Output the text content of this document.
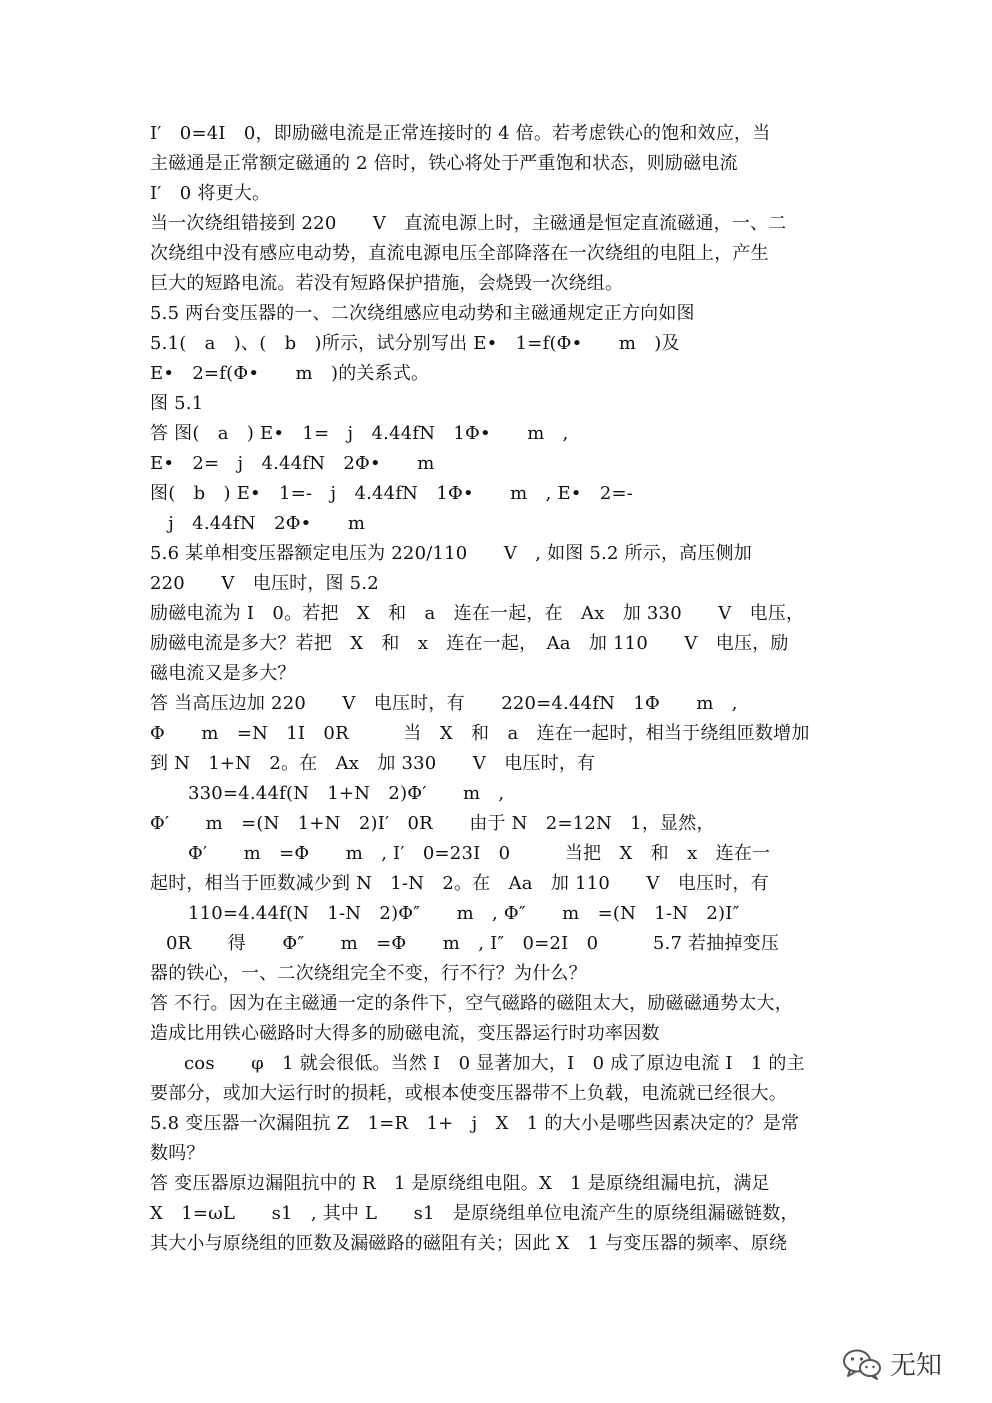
I′　0=4I　0，即励磁电流是正常连接时的 4 倍。若考虑铁心的饱和效应，当
主磁通是正常额定磁通的 2 倍时，铁心将处于严重饱和状态，则励磁电流
I′　0 将更大。
当一次绕组错接到 220　　V　直流电源上时，主磁通是恒定直流磁通，一、二
次绕组中没有感应电动势，直流电源电压全部降落在一次绕组的电阻上，产生
巨大的短路电流。若没有短路保护措施，会烧毁一次绕组。
5.5 两台变压器的一、二次绕组感应电动势和主磁通规定正方向如图
5.1(　a　)、(　b　)所示，试分别写出 E•　1=f(Φ•　　m　)及
E•　2=f(Φ•　　m　)的关系式。
图 5.1
答 图(　a　) E•　1=　j　4.44fN　1Φ•　　m　,
E•　2=　j　4.44fN　2Φ•　　m
图(　b　) E•　1=-　j　4.44fN　1Φ•　　m　, E•　2=-
　j　4.44fN　2Φ•　　m
5.6 某单相变压器额定电压为 220/110　　V　, 如图 5.2 所示，高压侧加
220　　V　电压时，图 5.2
励磁电流为 I　0。若把　X　和　a　连在一起，在　Ax　加 330　　V　电压，
励磁电流是多大？若把　X　和　x　连在一起，　Aa　加 110　　V　电压，励
磁电流又是多大？
答 当高压边加 220　　V　电压时，有　　220=4.44fN　1Φ　　m　,
Φ　　m　=N　1I　0R　　　当　X　和　a　连在一起时，相当于绕组匝数增加
到 N　1+N　2。在　Ax　加 330　　V　电压时，有
330=4.44f(N　1+N　2)Φ′　　m　,
Φ′　　m　=(N　1+N　2)I′　0R　　由于 N　2=12N　1，显然，
Φ′　　m　=Φ　　m　, I′　0=23I　0　　　当把　X　和　x　连在一
起时，相当于匝数减少到 N　1-N　2。在　Aa　加 110　　V　电压时，有
110=4.44f(N　1-N　2)Φ″　　m　, Φ″　　m　=(N　1-N　2)I″
0R　　得　　Φ″　　m　=Φ　　m　, I″　0=2I　0　　　5.7 若抽掉变压
器的铁心，一、二次绕组完全不变，行不行？为什么？
答 不行。因为在主磁通一定的条件下，空气磁路的磁阻太大，励磁磁通势太大，
造成比用铁心磁路时大得多的励磁电流，变压器运行时功率因数
cos　　φ　1 就会很低。当然 I　0 显著加大，I　0 成了原边电流 I　1 的主
要部分，或加大运行时的损耗，或根本使变压器带不上负载，电流就已经很大。
5.8 变压器一次漏阻抗 Z　1=R　1+　j　X　1 的大小是哪些因素决定的？是常
数吗？
答 变压器原边漏阻抗中的 R　1 是原绕组电阻。X　1 是原绕组漏电抗，满足
X　1=ωL　　s1　, 其中 L　　s1　是原绕组单位电流产生的原绕组漏磁链数，
其大小与原绕组的匝数及漏磁路的磁阻有关；因此 X　1 与变压器的频率、原绕
无知
